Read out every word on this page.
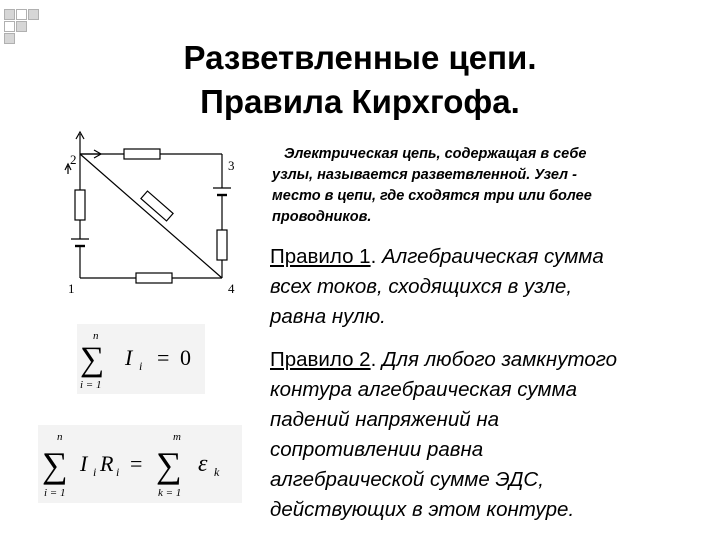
Разветвленные цепи.
Правила Кирхгофа.
2	3
1	4
n
∑
i = 1
I i = 0
n
∑
i = 1
I i R i =
m
∑
k = 1
ε k
Электрическая цепь, содержащая в себе
узлы, называется разветвленной. Узел -
место в цепи, где сходятся три или более
проводников.
Правило 1. Алгебраическая сумма
всех токов, сходящихся в узле,
равна нулю.
Правило 2. Для любого замкнутого
контура алгебраическая сумма
падений напряжений на
сопротивлении равна
алгебраической сумме ЭДС,
действующих в этом контуре.
